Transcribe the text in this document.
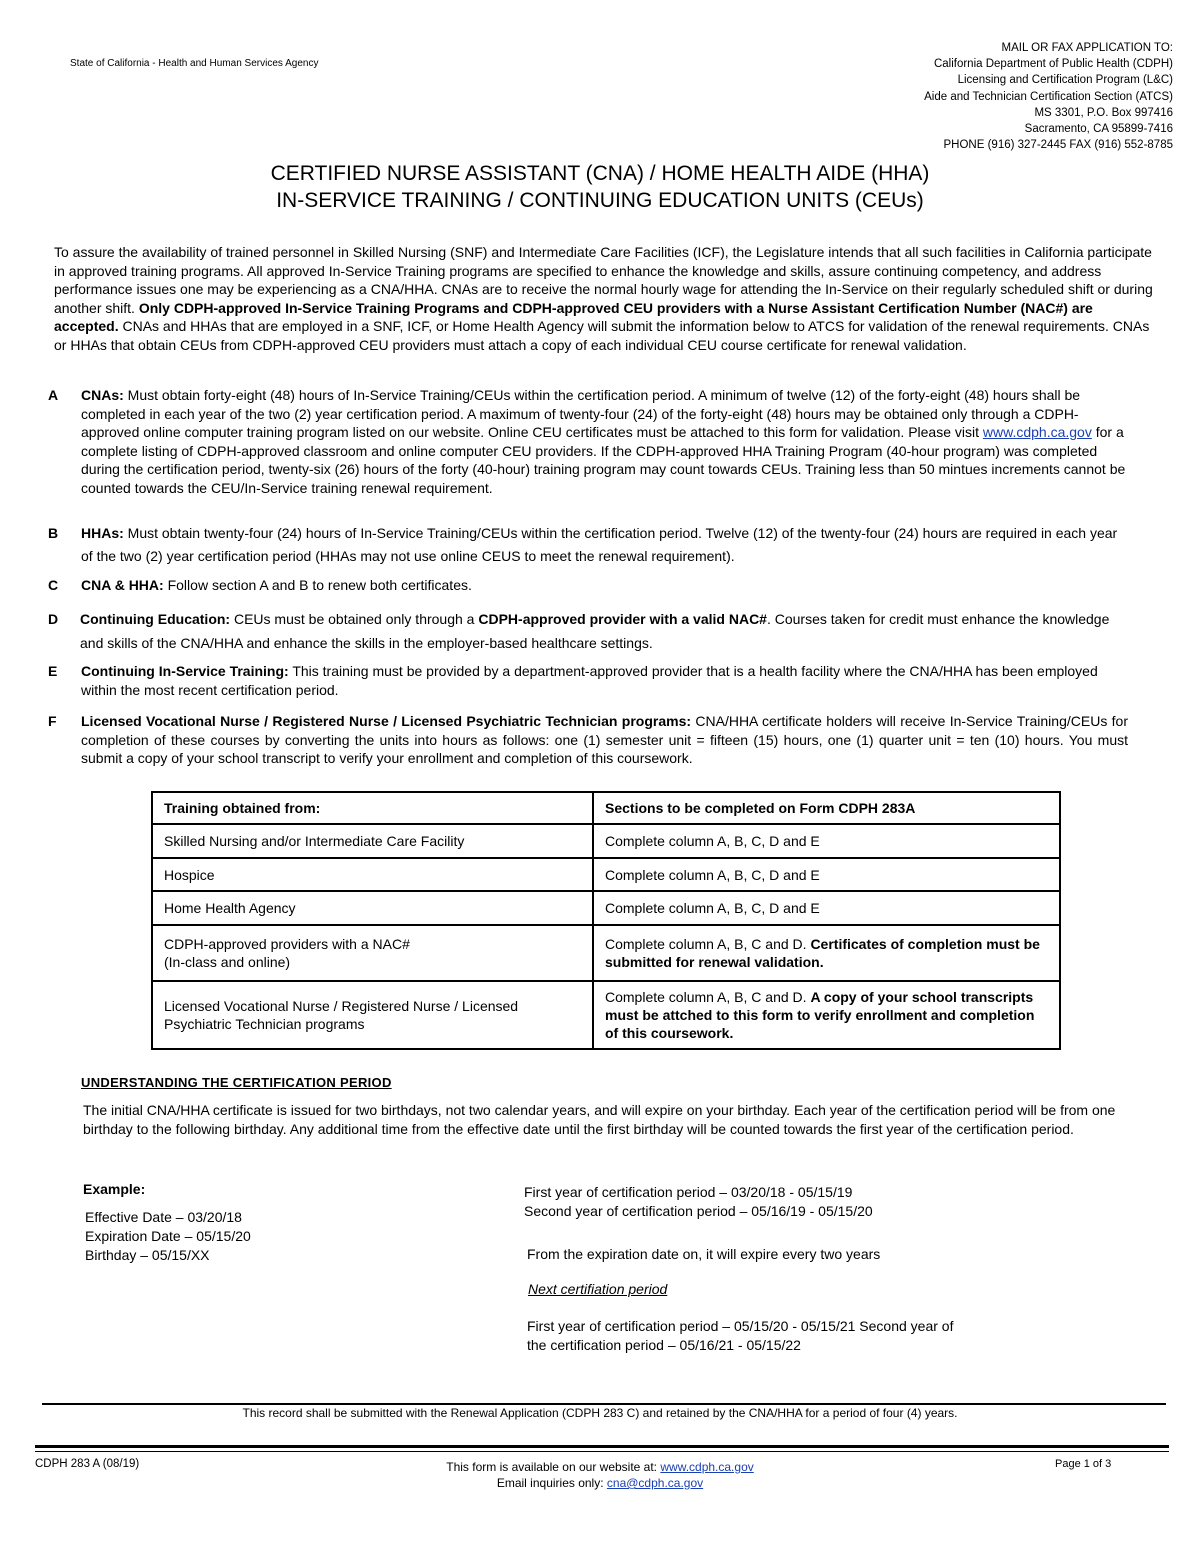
State of California - Health and Human Services Agency
MAIL OR FAX APPLICATION TO:
California Department of Public Health (CDPH)
Licensing and Certification Program (L&C)
Aide and Technician Certification Section (ATCS)
MS 3301, P.O. Box 997416
Sacramento, CA 95899-7416
PHONE (916) 327-2445 FAX (916) 552-8785
CERTIFIED NURSE ASSISTANT (CNA) / HOME HEALTH AIDE (HHA)
IN-SERVICE TRAINING / CONTINUING EDUCATION UNITS (CEUs)
To assure the availability of trained personnel in Skilled Nursing (SNF) and Intermediate Care Facilities (ICF), the Legislature intends that all such facilities in California participate in approved training programs. All approved In-Service Training programs are specified to enhance the knowledge and skills, assure continuing competency, and address performance issues one may be experiencing as a CNA/HHA. CNAs are to receive the normal hourly wage for attending the In-Service on their regularly scheduled shift or during another shift. Only CDPH-approved In-Service Training Programs and CDPH-approved CEU providers with a Nurse Assistant Certification Number (NAC#) are accepted. CNAs and HHAs that are employed in a SNF, ICF, or Home Health Agency will submit the information below to ATCS for validation of the renewal requirements. CNAs or HHAs that obtain CEUs from CDPH-approved CEU providers must attach a copy of each individual CEU course certificate for renewal validation.
A CNAs: Must obtain forty-eight (48) hours of In-Service Training/CEUs within the certification period. A minimum of twelve (12) of the forty-eight (48) hours shall be completed in each year of the two (2) year certification period. A maximum of twenty-four (24) of the forty-eight (48) hours may be obtained only through a CDPH-approved online computer training program listed on our website. Online CEU certificates must be attached to this form for validation. Please visit www.cdph.ca.gov for a complete listing of CDPH-approved classroom and online computer CEU providers. If the CDPH-approved HHA Training Program (40-hour program) was completed during the certification period, twenty-six (26) hours of the forty (40-hour) training program may count towards CEUs. Training less than 50 mintues increments cannot be counted towards the CEU/In-Service training renewal requirement.
B HHAs: Must obtain twenty-four (24) hours of In-Service Training/CEUs within the certification period. Twelve (12) of the twenty-four (24) hours are required in each year of the two (2) year certification period (HHAs may not use online CEUS to meet the renewal requirement).
C CNA & HHA: Follow section A and B to renew both certificates.
D Continuing Education: CEUs must be obtained only through a CDPH-approved provider with a valid NAC#. Courses taken for credit must enhance the knowledge and skills of the CNA/HHA and enhance the skills in the employer-based healthcare settings.
E Continuing In-Service Training: This training must be provided by a department-approved provider that is a health facility where the CNA/HHA has been employed within the most recent certification period.
F Licensed Vocational Nurse / Registered Nurse / Licensed Psychiatric Technician programs: CNA/HHA certificate holders will receive In-Service Training/CEUs for completion of these courses by converting the units into hours as follows: one (1) semester unit = fifteen (15) hours, one (1) quarter unit = ten (10) hours. You must submit a copy of your school transcript to verify your enrollment and completion of this coursework.
Training obtained from:	Sections to be completed on Form CDPH 283A
Skilled Nursing and/or Intermediate Care Facility	Complete column A, B, C, D and E
Hospice	Complete column A, B, C, D and E
Home Health Agency	Complete column A, B, C, D and E

CDPH-approved providers with a NAC#
(In-class and online)	Complete column A, B, C and D. Certificates of completion must be submitted for renewal validation.
Licensed Vocational Nurse / Registered Nurse / Licensed Psychiatric Technician programs	Complete column A, B, C and D. A copy of your school transcripts must be attched to this form to verify enrollment and completion of this coursework.
UNDERSTANDING THE CERTIFICATION PERIOD
The initial CNA/HHA certificate is issued for two birthdays, not two calendar years, and will expire on your birthday. Each year of the certification period will be from one birthday to the following birthday. Any additional time from the effective date until the first birthday will be counted towards the first year of the certification period.
Example:
Effective Date – 03/20/18
Expiration Date – 05/15/20
Birthday – 05/15/XX
First year of certification period – 03/20/18 - 05/15/19
Second year of certification period – 05/16/19 - 05/15/20
From the expiration date on, it will expire every two years
Next certifiation period
First year of certification period – 05/15/20 - 05/15/21 Second year of the certification period – 05/16/21 - 05/15/22
This record shall be submitted with the Renewal Application (CDPH 283 C) and retained by the CNA/HHA for a period of four (4) years.
CDPH 283 A (08/19)	This form is available on our website at: www.cdph.ca.gov
Email inquiries only: cna@cdph.ca.gov
Page 1 of 3
